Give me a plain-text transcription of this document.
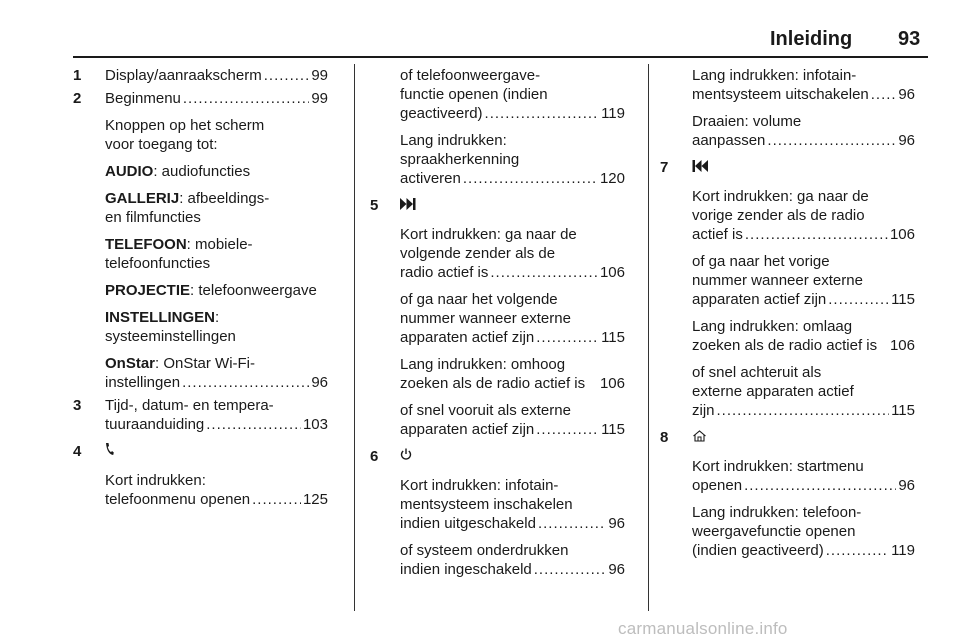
Inleiding 93
1 Display/aanraakscherm .....	99
2 Beginmenu .....	99
Knoppen op het scherm
voor toegang tot:
AUDIO: audiofuncties
GALLERIJ: afbeeldings-
en filmfuncties
TELEFOON: mobiele-
telefoonfuncties
PROJECTIE: telefoonweergave
INSTELLINGEN:
systeeminstellingen
OnStar: OnStar Wi-Fi-
instellingen .....	96
3 Tijd-, datum- en tempera-
tuuraanduiding .....	103
4
Kort indrukken:
telefoonmenu openen .....	125
of telefoonweergave-
functie openen (indien
geactiveerd) .....	119
Lang indrukken:
spraakherkenning
activeren .....	120
5
Kort indrukken: ga naar de
volgende zender als de
radio actief is .....	106
of ga naar het volgende
nummer wanneer externe
apparaten actief zijn .....	115
Lang indrukken: omhoog
zoeken als de radio actief is 106
of snel vooruit als externe
apparaten actief zijn .....	115
6
Kort indrukken: infotain-
mentsysteem inschakelen
indien uitgeschakeld .....	96
of systeem onderdrukken
indien ingeschakeld .....	96
Lang indrukken: infotain-
mentsysteem uitschakelen ..... 96
Draaien: volume
aanpassen .....	96
7
Kort indrukken: ga naar de
vorige zender als de radio
actief is .....	106
of ga naar het vorige
nummer wanneer externe
apparaten actief zijn .....	115
Lang indrukken: omlaag
zoeken als de radio actief is 106
of snel achteruit als
externe apparaten actief
zijn .....	115
8
Kort indrukken: startmenu
openen .....	96
Lang indrukken: telefoon-
weergavefunctie openen
(indien geactiveerd) .....	119
carmanualsonline.info
